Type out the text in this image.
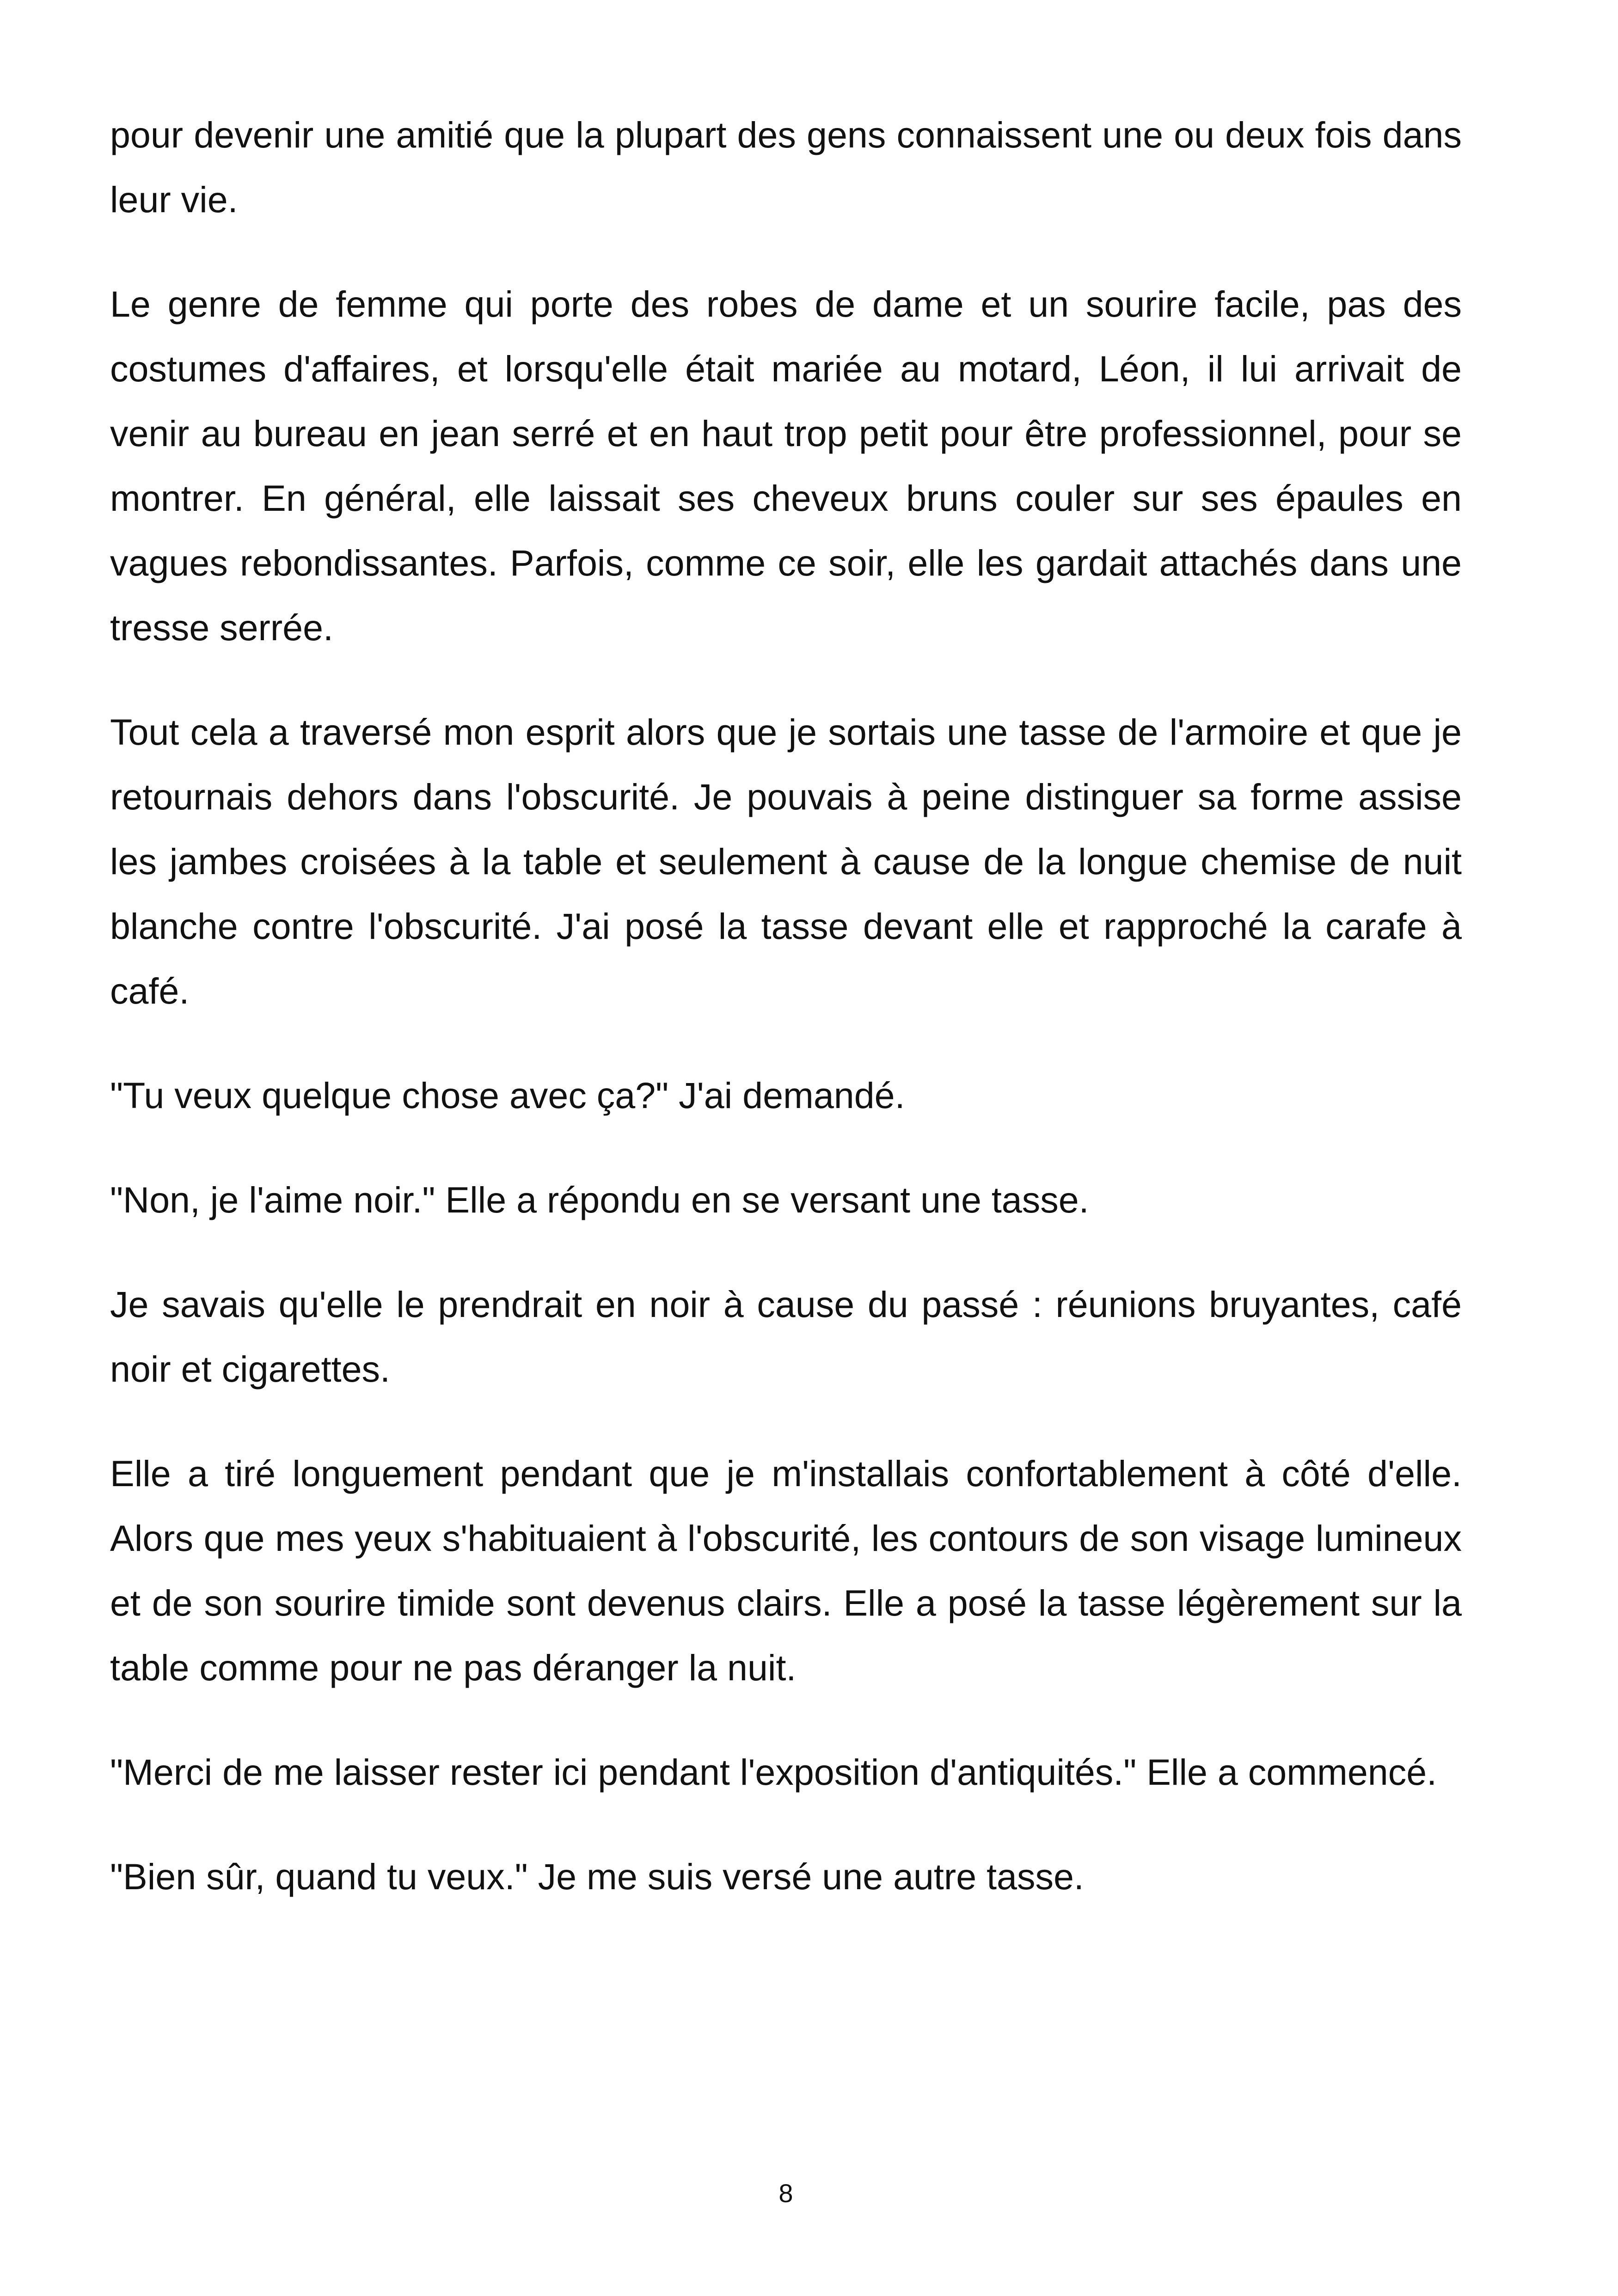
pour devenir une amitié que la plupart des gens connaissent une ou deux fois dans leur vie.

Le genre de femme qui porte des robes de dame et un sourire facile, pas des costumes d'affaires, et lorsqu'elle était mariée au motard, Léon, il lui arrivait de venir au bureau en jean serré et en haut trop petit pour être professionnel, pour se montrer. En général, elle laissait ses cheveux bruns couler sur ses épaules en vagues rebondissantes. Parfois, comme ce soir, elle les gardait attachés dans une tresse serrée.

Tout cela a traversé mon esprit alors que je sortais une tasse de l'armoire et que je retournais dehors dans l'obscurité. Je pouvais à peine distinguer sa forme assise les jambes croisées à la table et seulement à cause de la longue chemise de nuit blanche contre l'obscurité. J'ai posé la tasse devant elle et rapproché la carafe à café.

"Tu veux quelque chose avec ça?" J'ai demandé.

"Non, je l'aime noir." Elle a répondu en se versant une tasse.

Je savais qu'elle le prendrait en noir à cause du passé : réunions bruyantes, café noir et cigarettes.

Elle a tiré longuement pendant que je m'installais confortablement à côté d'elle. Alors que mes yeux s'habituaient à l'obscurité, les contours de son visage lumineux et de son sourire timide sont devenus clairs. Elle a posé la tasse légèrement sur la table comme pour ne pas déranger la nuit.

"Merci de me laisser rester ici pendant l'exposition d'antiquités." Elle a commencé.

"Bien sûr, quand tu veux." Je me suis versé une autre tasse.

8
